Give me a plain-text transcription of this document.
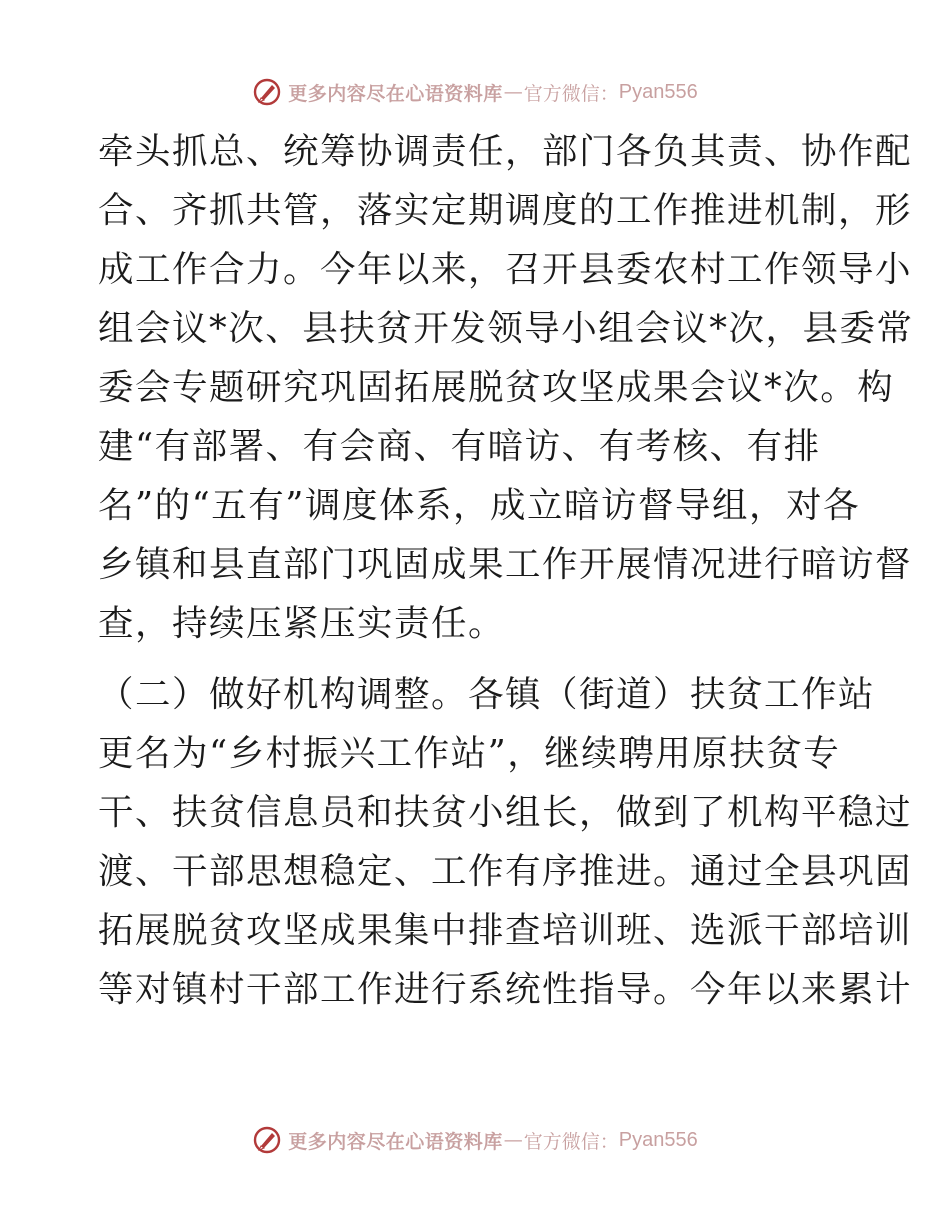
更多内容尽在心语资料库 — 官方微信： Pyan556
牵头抓总、统筹协调责任，部门各负其责、协作配
合、齐抓共管，落实定期调度的工作推进机制，形
成工作合力。今年以来，召开县委农村工作领导小
组会议*次、县扶贫开发领导小组会议*次，县委常
委会专题研究巩固拓展脱贫攻坚成果会议*次。构
建“有部署、有会商、有暗访、有考核、有排
名”的“五有”调度体系，成立暗访督导组，对各
乡镇和县直部门巩固成果工作开展情况进行暗访督
查，持续压紧压实责任。
（二）做好机构调整。各镇（街道）扶贫工作站
更名为“乡村振兴工作站”，继续聘用原扶贫专
干、扶贫信息员和扶贫小组长，做到了机构平稳过
渡、干部思想稳定、工作有序推进。通过全县巩固
拓展脱贫攻坚成果集中排查培训班、选派干部培训
等对镇村干部工作进行系统性指导。今年以来累计
更多内容尽在心语资料库 — 官方微信： Pyan556
